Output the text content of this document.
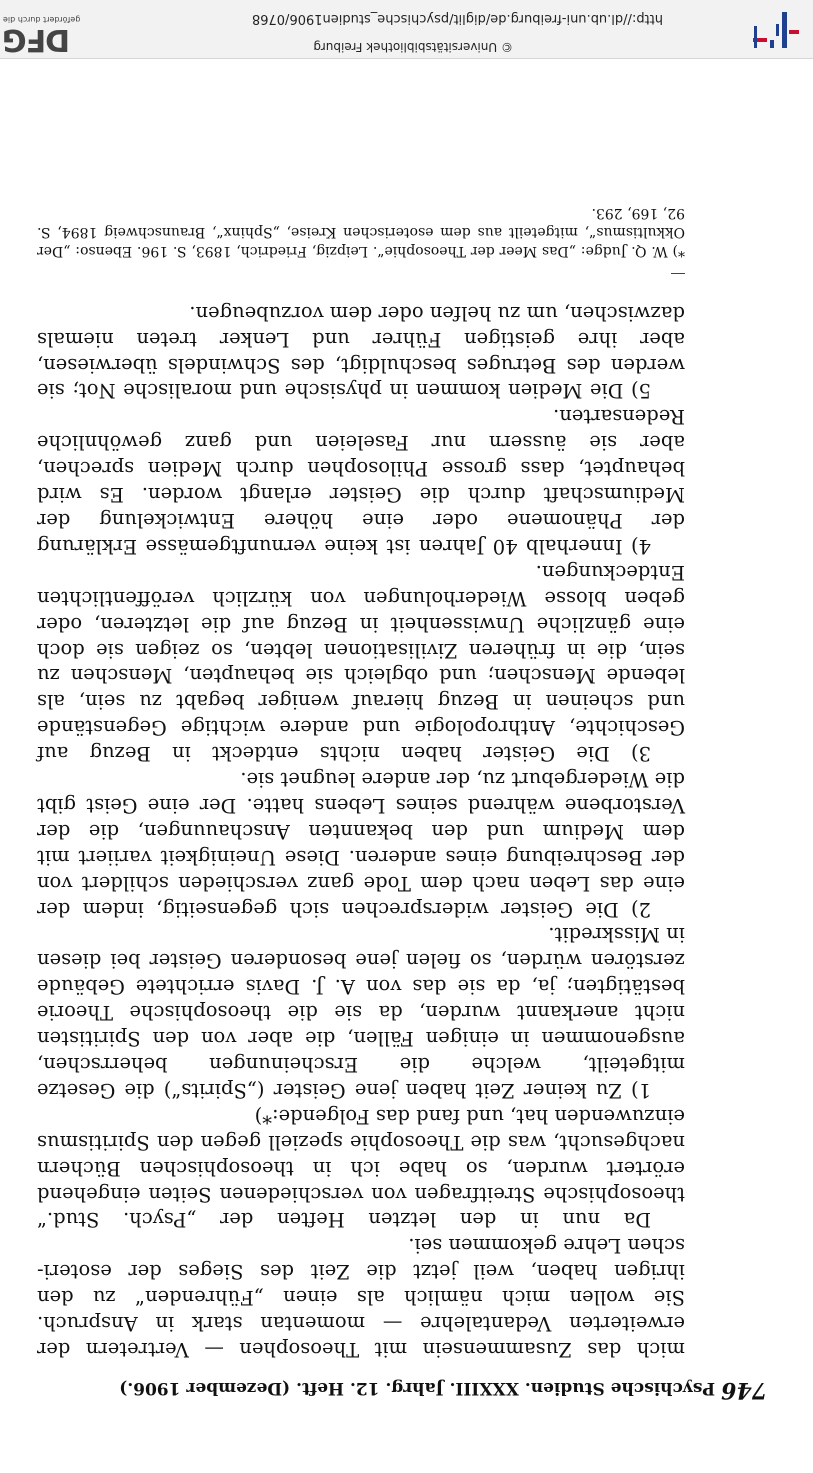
746 Psychische Studien. XXXIII. Jahrg. 12. Heft. (Dezember 1906.)

mich das Zusammensein mit Theosophen — Vertretern der

erweiterten Vedantalehre — momentan stark in Anspruch.

Sie wollen mich nämlich als einen „Führenden“ zu den

ihrigen haben, weil jetzt die Zeit des Sieges der esoteri-

schen Lehre gekommen sei.

Da nun in den letzten Heften der „Psych. Stud.“ theosophische Streitfragen von verschiedenen Seiten eingehend erörtert wurden, so habe ich in theosophischen Büchern nachgesucht, was die Theosophie speziell gegen den Spiritismus einzuwenden hat, und fand das Folgende:*)

1) Zu keiner Zeit haben jene Geister („Spirits“) die Gesetze mitgeteilt, welche die Erscheinungen beherrschen, ausgenommen in einigen Fällen, die aber von den Spiritisten nicht anerkannt wurden, da sie die theosophische Theorie bestätigten; ja, da sie das von A. J. Davis errichtete Gebäude zerstören würden, so fielen jene besonderen Geister bei diesen in Misskredit.

2) Die Geister widersprechen sich gegenseitig, indem der eine das Leben nach dem Tode ganz verschieden schildert von der Beschreibung eines anderen. Diese Uneinigkeit variiert mit dem Medium und den bekannten Anschauungen, die der Verstorbene während seines Lebens hatte. Der eine Geist gibt die Wiedergeburt zu, der andere leugnet sie.

3) Die Geister haben nichts entdeckt in Bezug auf Geschichte, Anthropologie und andere wichtige Gegenstände und scheinen in Bezug hierauf weniger begabt zu sein, als lebende Menschen; und obgleich sie behaupten, Menschen zu sein, die in früheren Zivilisationen lebten, so zeigen sie doch eine gänzliche Unwissenheit in Bezug auf die letzteren, oder geben blosse Wiederholungen von kürzlich veröffentlichten Entdeckungen.

4) Innerhalb 40 Jahren ist keine vernunftgemässe Erklärung der Phänomene oder eine höhere Entwickelung der Mediumschaft durch die Geister erlangt worden. Es wird behauptet, dass grosse Philosophen durch Medien sprechen, aber sie äussern nur Faseleien und ganz gewöhnliche Redensarten.

5) Die Medien kommen in physische und moralische Not; sie werden des Betruges beschuldigt, des Schwindels überwiesen, aber ihre geistigen Führer und Lenker treten niemals dazwischen, um zu helfen oder dem vorzubeugen.

*) W. Q. Judge: „Das Meer der Theosophie“. Leipzig, Friedrich, 1893, S. 196. Ebenso: „Der Okkultismus“, mitgeteilt aus dem esoterischen Kreise, „Sphinx“, Braunschweig 1894, S. 92, 169, 293.

© Universitätsbibliothek Freiburg
http://dl.ub.uni-freiburg.de/diglit/psychische_studien1906/0768
DFG
gefördert durch die
